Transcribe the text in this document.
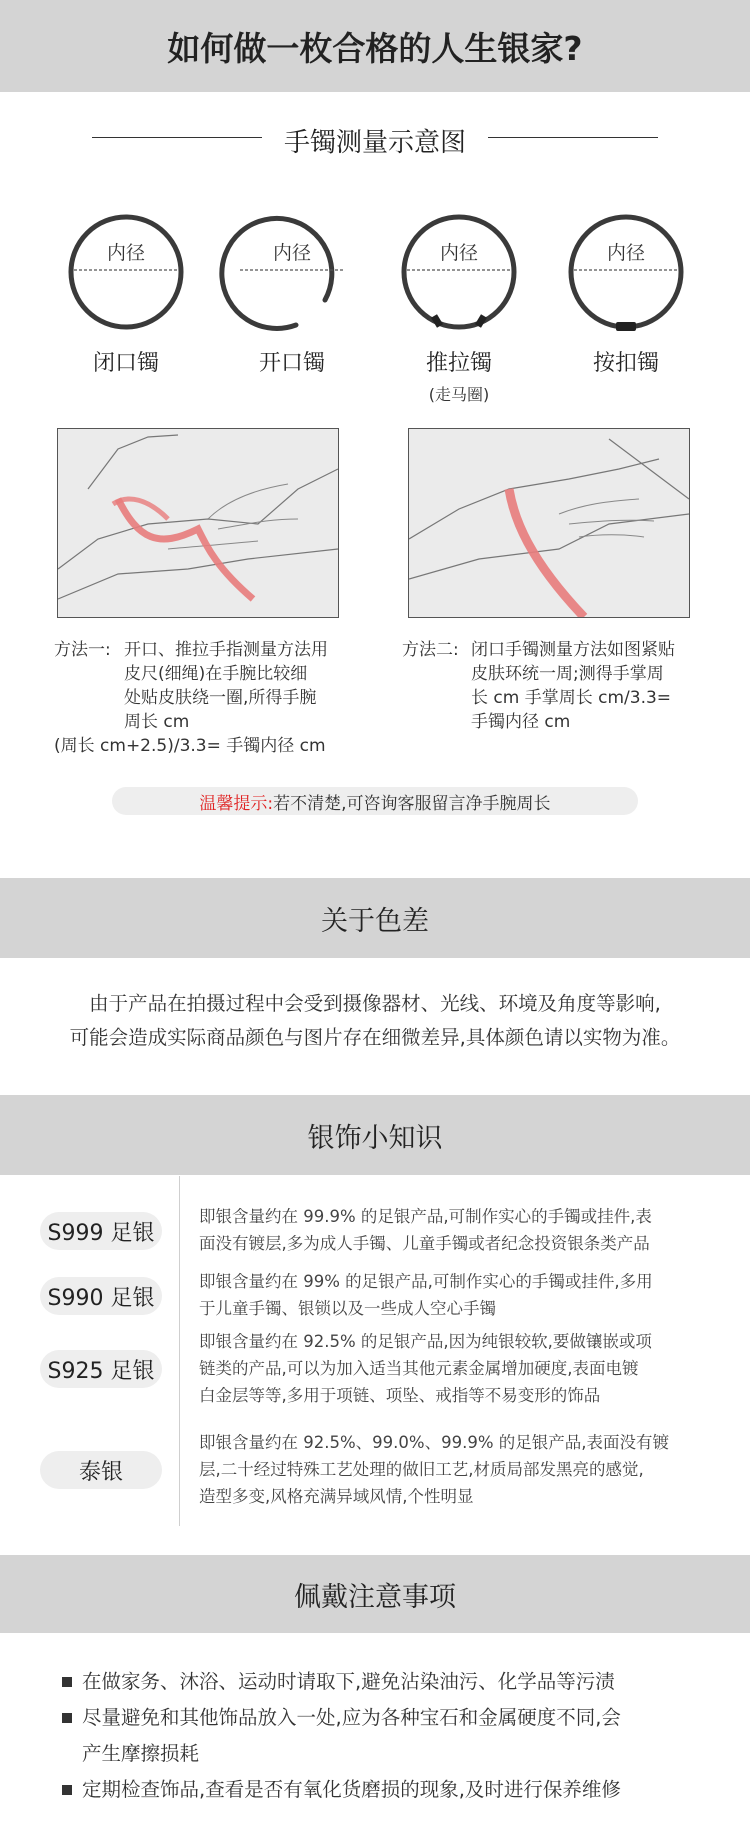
如何做一枚合格的人生银家?
手镯测量示意图
内径	内径	内径	内径
闭口镯	开口镯	推拉镯
(走马圈)
按扣镯
方法一: 开口、推拉手指测量方法用
皮尺(细绳)在手腕比较细
处贴皮肤绕一圈,所得手腕
周长 cm
(周长 cm+2.5)/3.3= 手镯内径 cm
方法二: 闭口手镯测量方法如图紧贴
皮肤环统一周;测得手掌周
长 cm 手掌周长 cm/3.3=
手镯内径 cm
温馨提示: 若不清楚,可咨询客服留言净手腕周长
关于色差
由于产品在拍摄过程中会受到摄像器材、光线、环境及角度等影响,
可能会造成实际商品颜色与图片存在细微差异,具体颜色请以实物为准。
银饰小知识
S999 足银
即银含量约在 99.9% 的足银产品,可制作实心的手镯或挂件,表
面没有镀层,多为成人手镯、儿童手镯或者纪念投资银条类产品
S990 足银
即银含量约在 99% 的足银产品,可制作实心的手镯或挂件,多用
于儿童手镯、银锁以及一些成人空心手镯
S925 足银
即银含量约在 92.5% 的足银产品,因为纯银较软,要做镶嵌或项
链类的产品,可以为加入适当其他元素金属增加硬度,表面电镀
白金层等等,多用于项链、项坠、戒指等不易变形的饰品
泰银
即银含量约在 92.5%、99.0%、99.9% 的足银产品,表面没有镀
层,二十经过特殊工艺处理的做旧工艺,材质局部发黑亮的感觉,
造型多变,风格充满异域风情,个性明显
佩戴注意事项
在做家务、沐浴、运动时请取下,避免沾染油污、化学品等污渍
尽量避免和其他饰品放入一处,应为各种宝石和金属硬度不同,会
产生摩擦损耗
定期检查饰品,查看是否有氧化货磨损的现象,及时进行保养维修
